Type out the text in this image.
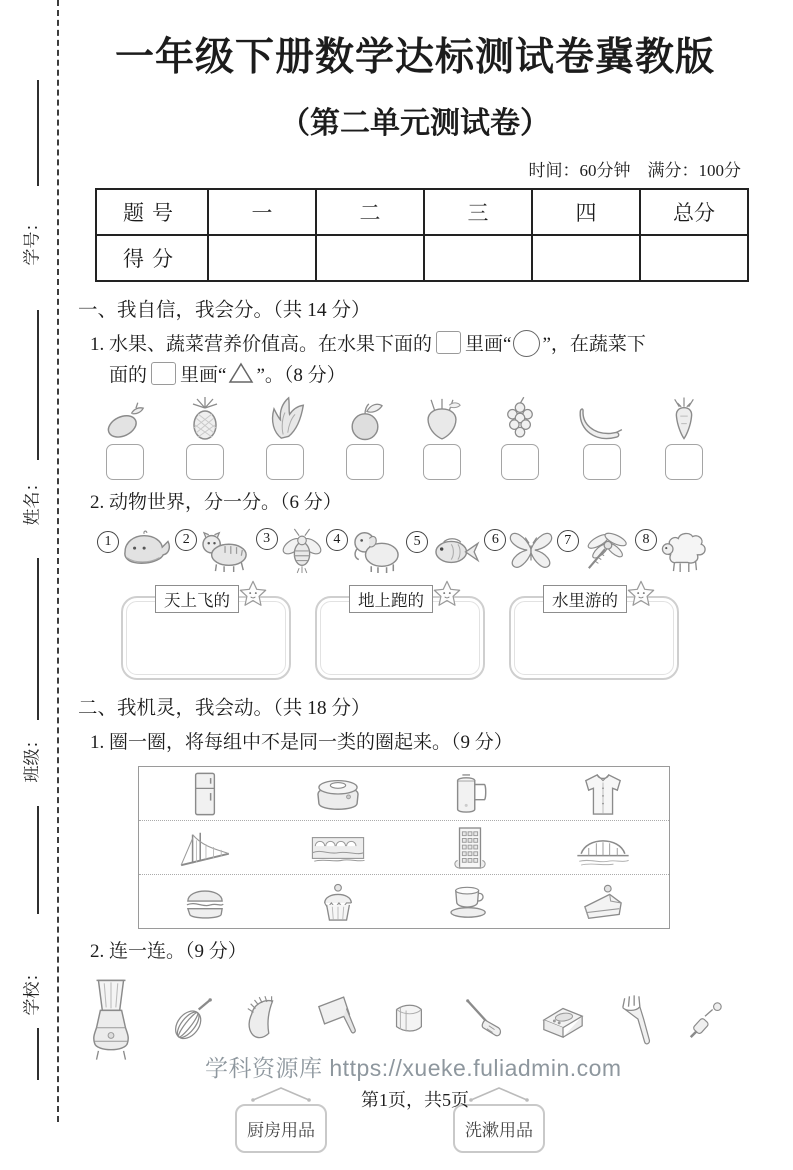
学号：
姓名：
班级：
学校：
一年级下册数学达标测试卷冀教版
（第二单元测试卷）
时间：60分钟　满分：100分
题号	一	二	三	四	总分
得分					
一、我自信，我会分。（共 14 分）
1. 水果、蔬菜营养价值高。在水果下面的 里画“ ”，在蔬菜下
面的 里画“ ”。（8 分）
2. 动物世界，分一分。（6 分）
1	2	3	4	5	6	7	8
天上飞的	地上跑的	水里游的
二、我机灵，我会动。（共 18 分）
1. 圈一圈，将每组中不是同一类的圈起来。（9 分）
2. 连一连。（9 分）
厨房用品	洗漱用品
学科资源库 https://xueke.fuliadmin.com
第1页，共5页
